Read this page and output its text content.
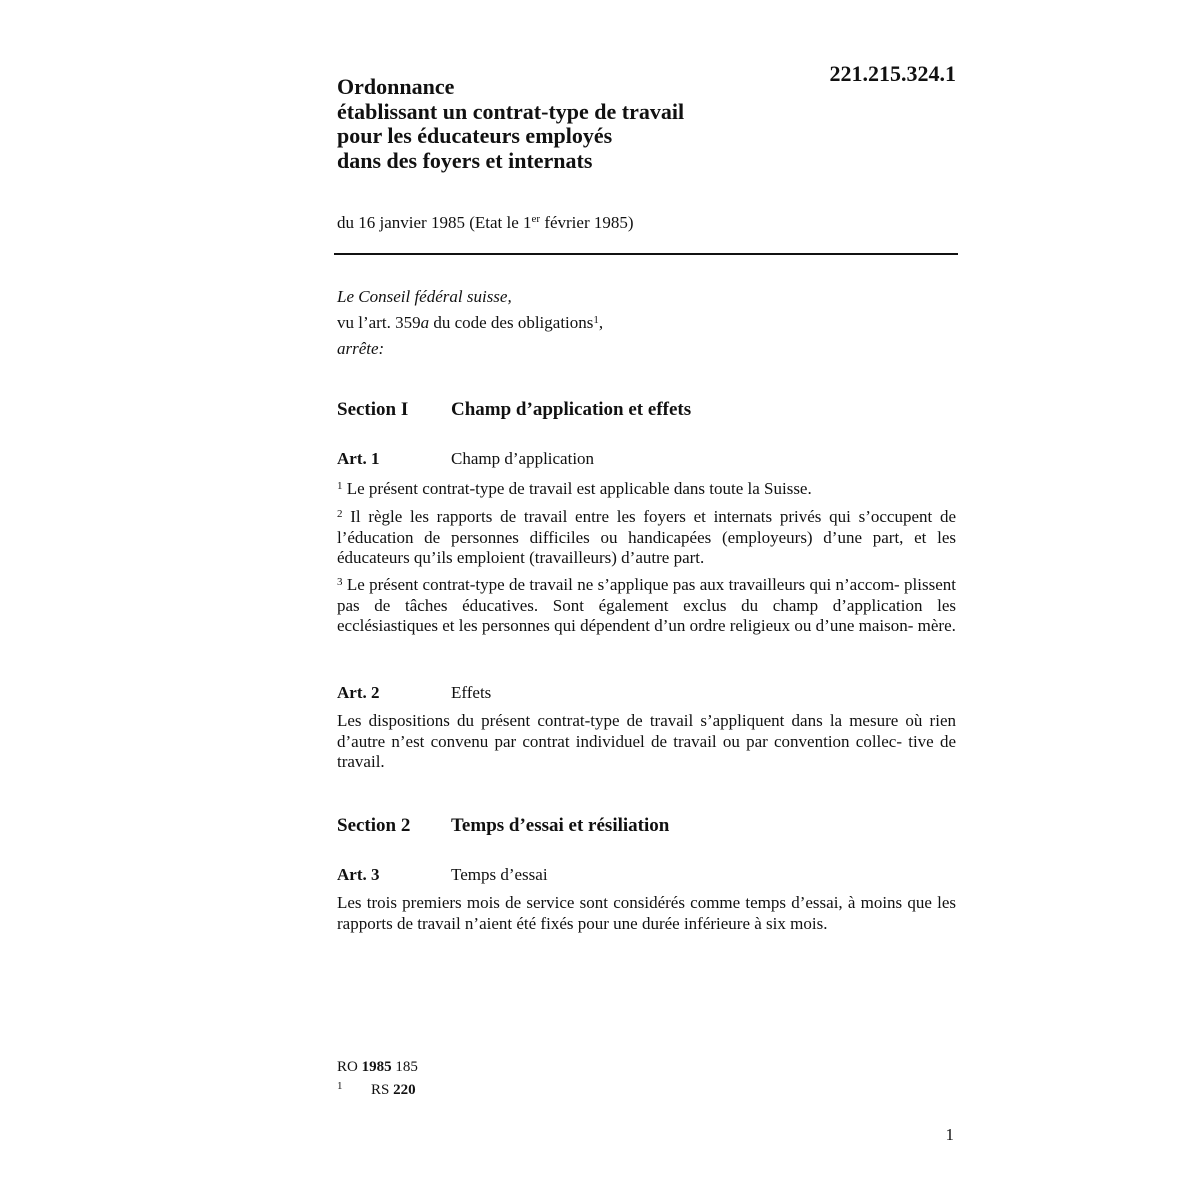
221.215.324.1
Ordonnance
établissant un contrat-type de travail
pour les éducateurs employés
dans des foyers et internats
du 16 janvier 1985 (Etat le 1er février 1985)
Le Conseil fédéral suisse,
vu l’art. 359a du code des obligations$^1$,
arrête:
Section I Champ d’application et effets
Art. 1	Champ d’application
$^1$ Le présent contrat-type de travail est applicable dans toute la Suisse.
$^2$ Il règle les rapports de travail entre les foyers et internats privés qui s’occupent de l’éducation de personnes difficiles ou handicapées (employeurs) d’une part, et les éducateurs qu’ils emploient (travailleurs) d’autre part.
$^3$ Le présent contrat-type de travail ne s’applique pas aux travailleurs qui n’accom- plissent pas de tâches éducatives. Sont également exclus du champ d’application les ecclésiastiques et les personnes qui dépendent d’un ordre religieux ou d’une maison- mère.
Art. 2	Effets
Les dispositions du présent contrat-type de travail s’appliquent dans la mesure où rien d’autre n’est convenu par contrat individuel de travail ou par convention collec- tive de travail.
Section 2 Temps d’essai et résiliation
Art. 3	Temps d’essai
Les trois premiers mois de service sont considérés comme temps d’essai, à moins que les rapports de travail n’aient été fixés pour une durée inférieure à six mois.
RO 1985 185
1 RS 220
1
